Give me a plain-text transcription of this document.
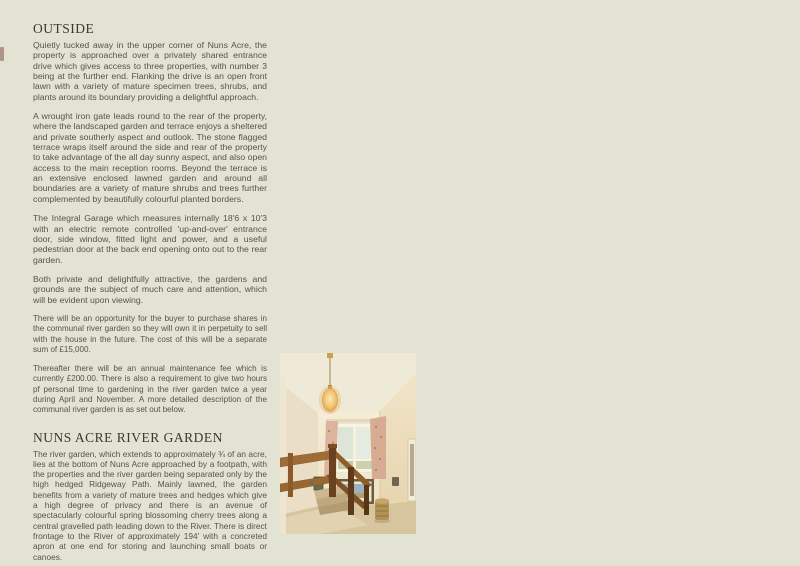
OUTSIDE

Quietly tucked away in the upper corner of Nuns Acre, the property is approached over a privately shared entrance drive which gives access to three properties, with number 3 being at the further end. Flanking the drive is an open front lawn with a variety of mature specimen trees, shrubs, and plants around its boundary providing a delightful approach.

A wrought iron gate leads round to the rear of the property, where the landscaped garden and terrace enjoys a sheltered and private southerly aspect and outlook. The stone flagged terrace wraps itself around the side and rear of the property to take advantage of the all day sunny aspect, and also open access to the main reception rooms. Beyond the terrace is an extensive enclosed lawned garden and around all boundaries are a variety of mature shrubs and trees further complemented by beautifully colourful planted borders.

The Integral Garage which measures internally 18'6 x 10'3 with an electric remote controlled 'up-and-over' entrance door, side window, fitted light and power, and a useful pedestrian door at the back end opening onto out to the rear garden.

Both private and delightfully attractive, the gardens and grounds are the subject of much care and attention, which will be evident upon viewing.

There will be an opportunity for the buyer to purchase shares in the communal river garden so they will own it in perpetuity to sell with the house in the future. The cost of this will be a separate sum of £15,000.

Thereafter there will be an annual maintenance fee which is currently £200.00. There is also a requirement to give two hours pf personal time to gardening in the river garden twice a year during April and November. A more detailed description of the communal river garden is as set out below.

NUNS ACRE RIVER GARDEN

The river garden, which extends to approximately ¾ of an acre, lies at the bottom of Nuns Acre approached by a footpath, with the properties and the river garden being separated only by the high hedged Ridgeway Path. Mainly lawned, the garden benefits from a variety of mature trees and hedges which give a high degree of privacy and there is an avenue of spectacularly colourful spring blossoming cherry trees along a central gravelled path leading down to the River. There is direct frontage to the River of approximately 194' with a concreted apron at one end for storing and launching small boats or canoes.
